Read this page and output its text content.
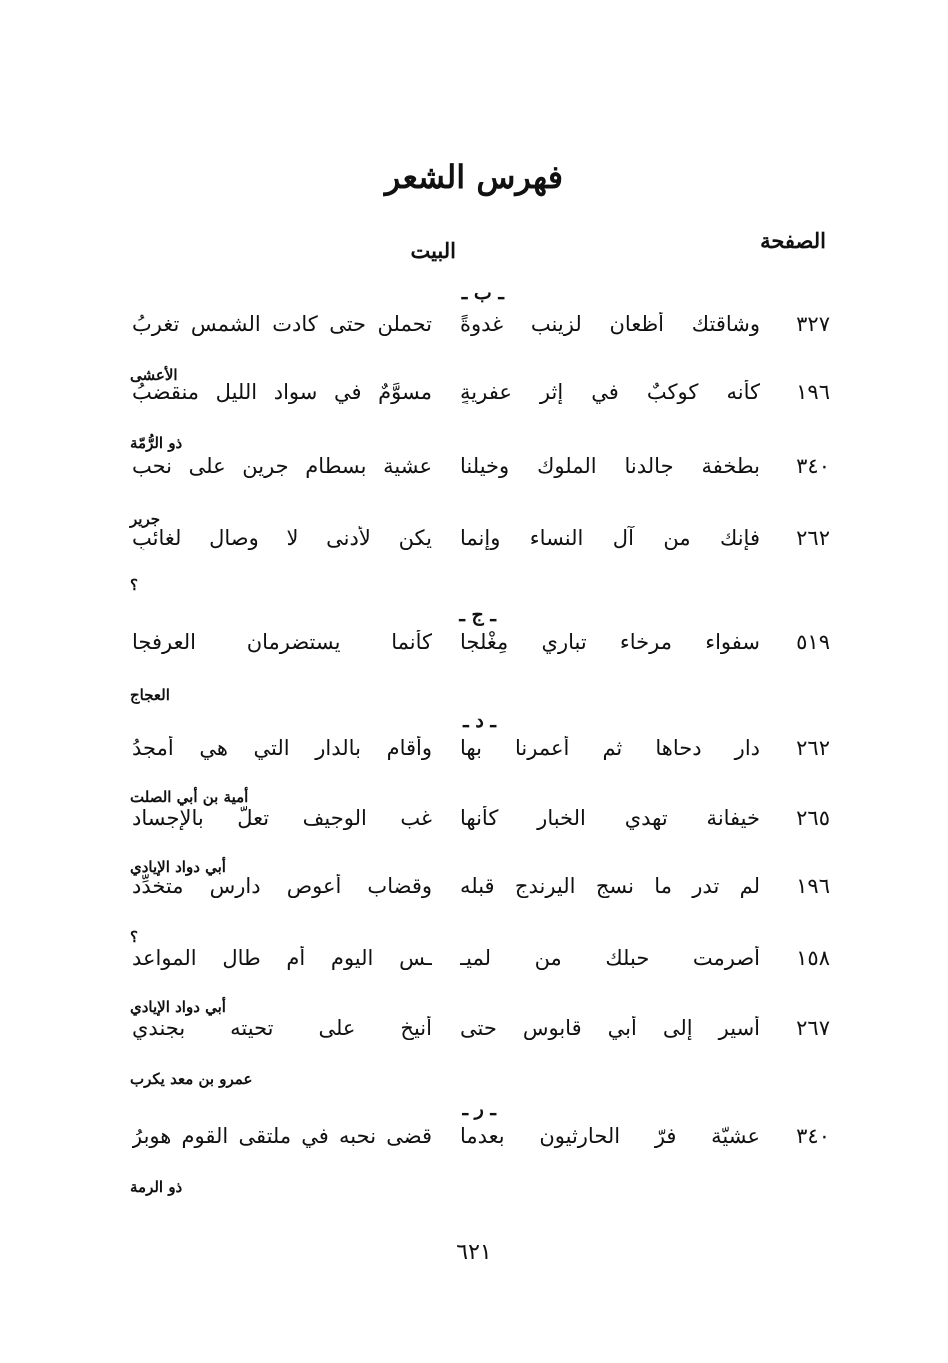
فهرس الشعر
الصفحة
البيت
ـ ب ـ
٣٢٧
وشاقتك أظعان لزينب غدوةً
تحملن حتى كادت الشمس تغربُ
الأعشى
١٩٦
كأنه كوكبٌ في إثر عفريةٍ
مسوَّمٌ في سواد الليل منقضبُ
ذو الرُّمّة
٣٤٠
بطخفة جالدنا الملوك وخيلنا
عشية بسطام جرين على نحب
جرير
٢٦٢
فإنك من آل النساء وإنما
يكن لأدنى لا وصال لغائبِ
؟
ـ ج ـ
٥١٩
سفواء مرخاء تباري مِغْلجا
كأنما يستضرمان العرفجا
العجاج
ـ د ـ
٢٦٢
دار دحاها ثم أعمرنا بها
وأقام بالدار التي هي أمجدُ
أمية بن أبي الصلت
٢٦٥
خيفانة تهدي الخبار كأنها
غب الوجيف تعلّ بالإجساد
أبي دواد الإيادي
١٩٦
لم تدر ما نسج اليرندج قبله
وقضاب أعوص دارس متخدِّد
؟
١٥٨
أصرمت حبلك من لميـ
ـس اليوم أم طال المواعد
أبي دواد الإيادي
٢٦٧
أسير إلى أبي قابوس حتى
أنيخ على تحيته بجندي
عمرو بن معد يكرب
ـ ر ـ
٣٤٠
عشيّة فرّ الحارثيون بعدما
قضى نحبه في ملتقى القوم هوبرُ
ذو الرمة
٦٢١
